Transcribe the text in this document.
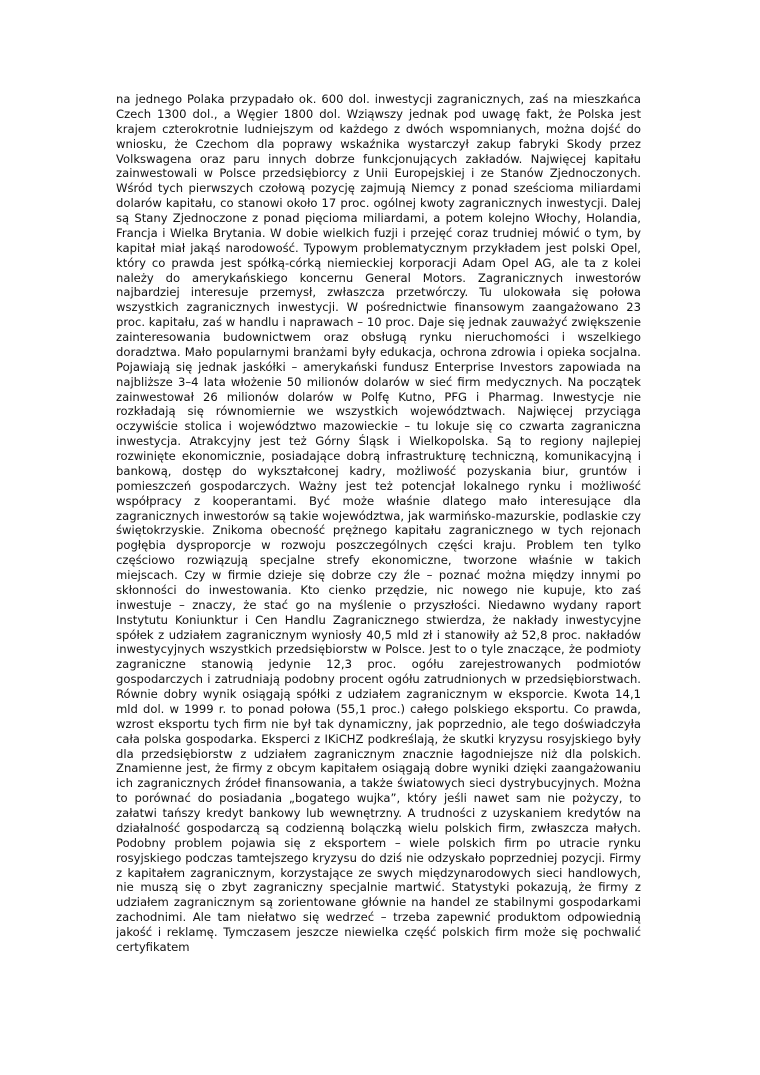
na jednego Polaka przypadało ok. 600 dol. inwestycji zagranicznych, zaś na mieszkańca Czech 1300 dol., a Węgier 1800 dol. Wziąwszy jednak pod uwagę fakt, że Polska jest krajem czterokrotnie ludniejszym od każdego z dwóch wspomnianych, można dojść do wniosku, że Czechom dla poprawy wskaźnika wystarczył zakup fabryki Skody przez Volkswagena oraz paru innych dobrze funkcjonujących zakładów. Najwięcej kapitału zainwestowali w Polsce przedsiębiorcy z Unii Europejskiej i ze Stanów Zjednoczonych. Wśród tych pierwszych czołową pozycję zajmują Niemcy z ponad sześcioma miliardami dolarów kapitału, co stanowi około 17 proc. ogólnej kwoty zagranicznych inwestycji. Dalej są Stany Zjednoczone z ponad pięcioma miliardami, a potem kolejno Włochy, Holandia, Francja i Wielka Brytania. W dobie wielkich fuzji i przejęć coraz trudniej mówić o tym, by kapitał miał jakąś narodowość. Typowym problematycznym przykładem jest polski Opel, który co prawda jest spółką-córką niemieckiej korporacji Adam Opel AG, ale ta z kolei należy do amerykańskiego koncernu General Motors. Zagranicznych inwestorów najbardziej interesuje przemysł, zwłaszcza przetwórczy. Tu ulokowała się połowa wszystkich zagranicznych inwestycji. W pośrednictwie finansowym zaangażowano 23 proc. kapitału, zaś w handlu i naprawach – 10 proc. Daje się jednak zauważyć zwiększenie zainteresowania budownictwem oraz obsługą rynku nieruchomości i wszelkiego doradztwa. Mało popularnymi branżami były edukacja, ochrona zdrowia i opieka socjalna. Pojawiają się jednak jaskółki – amerykański fundusz Enterprise Investors zapowiada na najbliższe 3–4 lata włożenie 50 milionów dolarów w sieć firm medycznych. Na początek zainwestował 26 milionów dolarów w Polfę Kutno, PFG i Pharmag. Inwestycje nie rozkładają się równomiernie we wszystkich województwach. Najwięcej przyciąga oczywiście stolica i województwo mazowieckie – tu lokuje się co czwarta zagraniczna inwestycja. Atrakcyjny jest też Górny Śląsk i Wielkopolska. Są to regiony najlepiej rozwinięte ekonomicznie, posiadające dobrą infrastrukturę techniczną, komunikacyjną i bankową, dostęp do wykształconej kadry, możliwość pozyskania biur, gruntów i pomieszczeń gospodarczych. Ważny jest też potencjał lokalnego rynku i możliwość współpracy z kooperantami. Być może właśnie dlatego mało interesujące dla zagranicznych inwestorów są takie województwa, jak warmińsko-mazurskie, podlaskie czy świętokrzyskie. Znikoma obecność prężnego kapitału zagranicznego w tych rejonach pogłębia dysproporcje w rozwoju poszczególnych części kraju. Problem ten tylko częściowo rozwiązują specjalne strefy ekonomiczne, tworzone właśnie w takich miejscach. Czy w firmie dzieje się dobrze czy źle – poznać można między innymi po skłonności do inwestowania. Kto cienko przędzie, nic nowego nie kupuje, kto zaś inwestuje – znaczy, że stać go na myślenie o przyszłości. Niedawno wydany raport Instytutu Koniunktur i Cen Handlu Zagranicznego stwierdza, że nakłady inwestycyjne spółek z udziałem zagranicznym wyniosły 40,5 mld zł i stanowiły aż 52,8 proc. nakładów inwestycyjnych wszystkich przedsiębiorstw w Polsce. Jest to o tyle znaczące, że podmioty zagraniczne stanowią jedynie 12,3 proc. ogółu zarejestrowanych podmiotów gospodarczych i zatrudniają podobny procent ogółu zatrudnionych w przedsiębiorstwach. Równie dobry wynik osiągają spółki z udziałem zagranicznym w eksporcie. Kwota 14,1 mld dol. w 1999 r. to ponad połowa (55,1 proc.) całego polskiego eksportu. Co prawda, wzrost eksportu tych firm nie był tak dynamiczny, jak poprzednio, ale tego doświadczyła cała polska gospodarka. Eksperci z IKiCHZ podkreślają, że skutki kryzysu rosyjskiego były dla przedsiębiorstw z udziałem zagranicznym znacznie łagodniejsze niż dla polskich. Znamienne jest, że firmy z obcym kapitałem osiągają dobre wyniki dzięki zaangażowaniu ich zagranicznych źródeł finansowania, a także światowych sieci dystrybucyjnych. Można to porównać do posiadania „bogatego wujka”, który jeśli nawet sam nie pożyczy, to załatwi tańszy kredyt bankowy lub wewnętrzny. A trudności z uzyskaniem kredytów na działalność gospodarczą są codzienną bolączką wielu polskich firm, zwłaszcza małych. Podobny problem pojawia się z eksportem – wiele polskich firm po utracie rynku rosyjskiego podczas tamtejszego kryzysu do dziś nie odzyskało poprzedniej pozycji. Firmy z kapitałem zagranicznym, korzystające ze swych międzynarodowych sieci handlowych, nie muszą się o zbyt zagraniczny specjalnie martwić. Statystyki pokazują, że firmy z udziałem zagranicznym są zorientowane głównie na handel ze stabilnymi gospodarkami zachodnimi. Ale tam niełatwo się wedrzeć – trzeba zapewnić produktom odpowiednią jakość i reklamę. Tymczasem jeszcze niewielka część polskich firm może się pochwalić certyfikatem
